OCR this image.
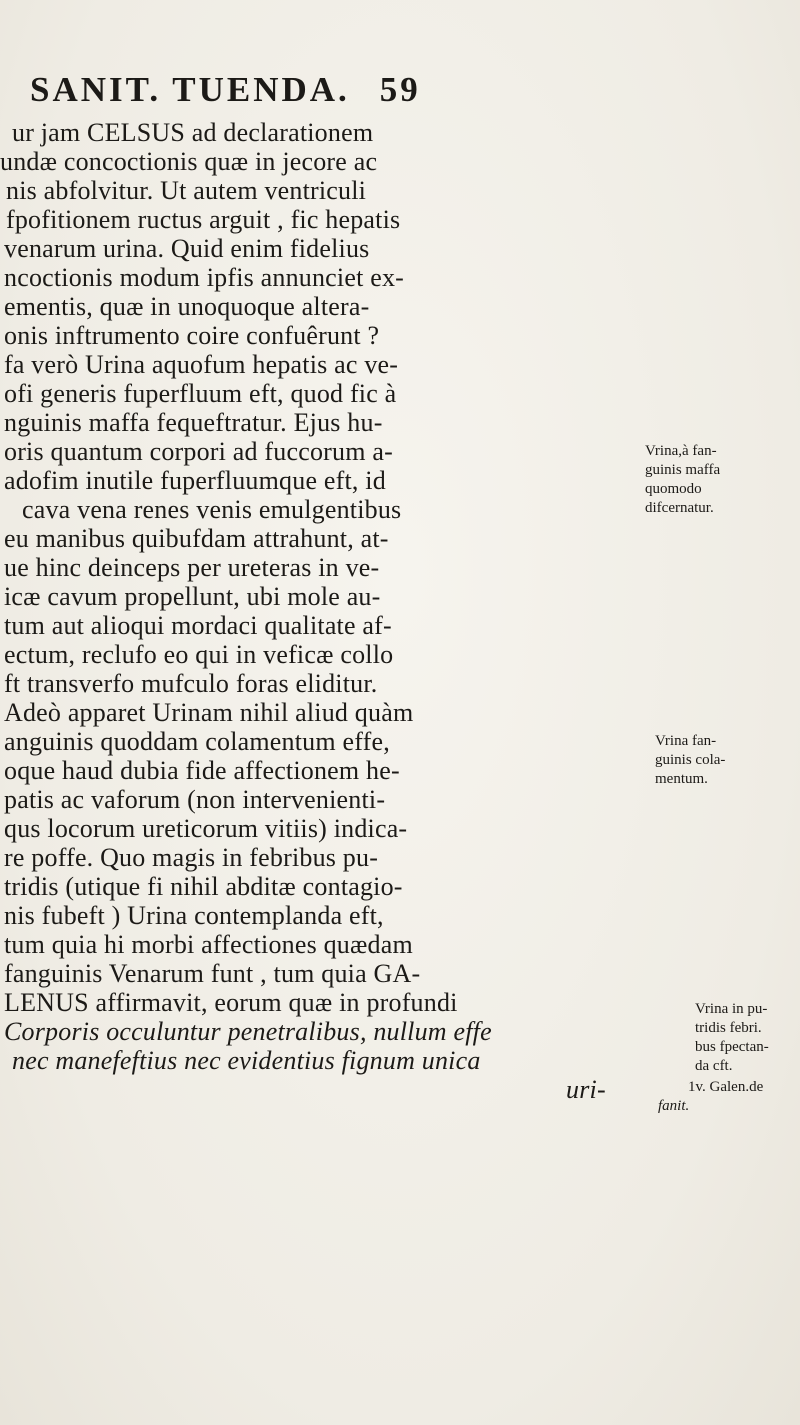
SANIT. TUENDA. 59
ur jam CELSUS ad declarationem
undæ concoctionis quæ in jecore ac
nis abfolvitur. Ut autem ventriculi
fpofitionem ructus arguit , fic hepatis
venarum urina. Quid enim fidelius
ncoctionis modum ipfis annunciet ex-
ementis, quæ in unoquoque altera-
onis inftrumento coire confuêrunt ?
fa verò Urina aquofum hepatis ac ve-
ofi generis fuperfluum eft, quod fic à
nguinis maffa fequeftratur. Ejus hu-
oris quantum corpori ad fuccorum a-
adofim inutile fuperfluumque eft, id
cava vena renes venis emulgentibus
eu manibus quibufdam attrahunt, at-
ue hinc deinceps per ureteras in ve-
icæ cavum propellunt, ubi mole au-
tum aut alioqui mordaci qualitate af-
ectum, reclufo eo qui in veficæ collo
ft transverfo mufculo foras eliditur.
Adeò apparet Urinam nihil aliud quàm
anguinis quoddam colamentum effe,
oque haud dubia fide affectionem he-
patis ac vaforum (non intervenienti-
qus locorum ureticorum vitiis) indica-
re poffe. Quo magis in febribus pu-
tridis (utique fi nihil abditæ contagio-
nis fubeft ) Urina contemplanda eft,
tum quia hi morbi affectiones quædam
fanguinis Venarum funt , tum quia GA-
LENUS affirmavit, eorum quæ in profundi
Corporis occuluntur penetralibus, nullum effe
nec manefeftius nec evidentius fignum unica
uri-
Vrina,à fan-
guinis maffa
quomodo
difcernatur.
Vrina fan-
guinis cola-
mentum.
Vrina in pu-
tridis febri.
bus fpectan-
da cft.
1v. Galen.de
fanit.
